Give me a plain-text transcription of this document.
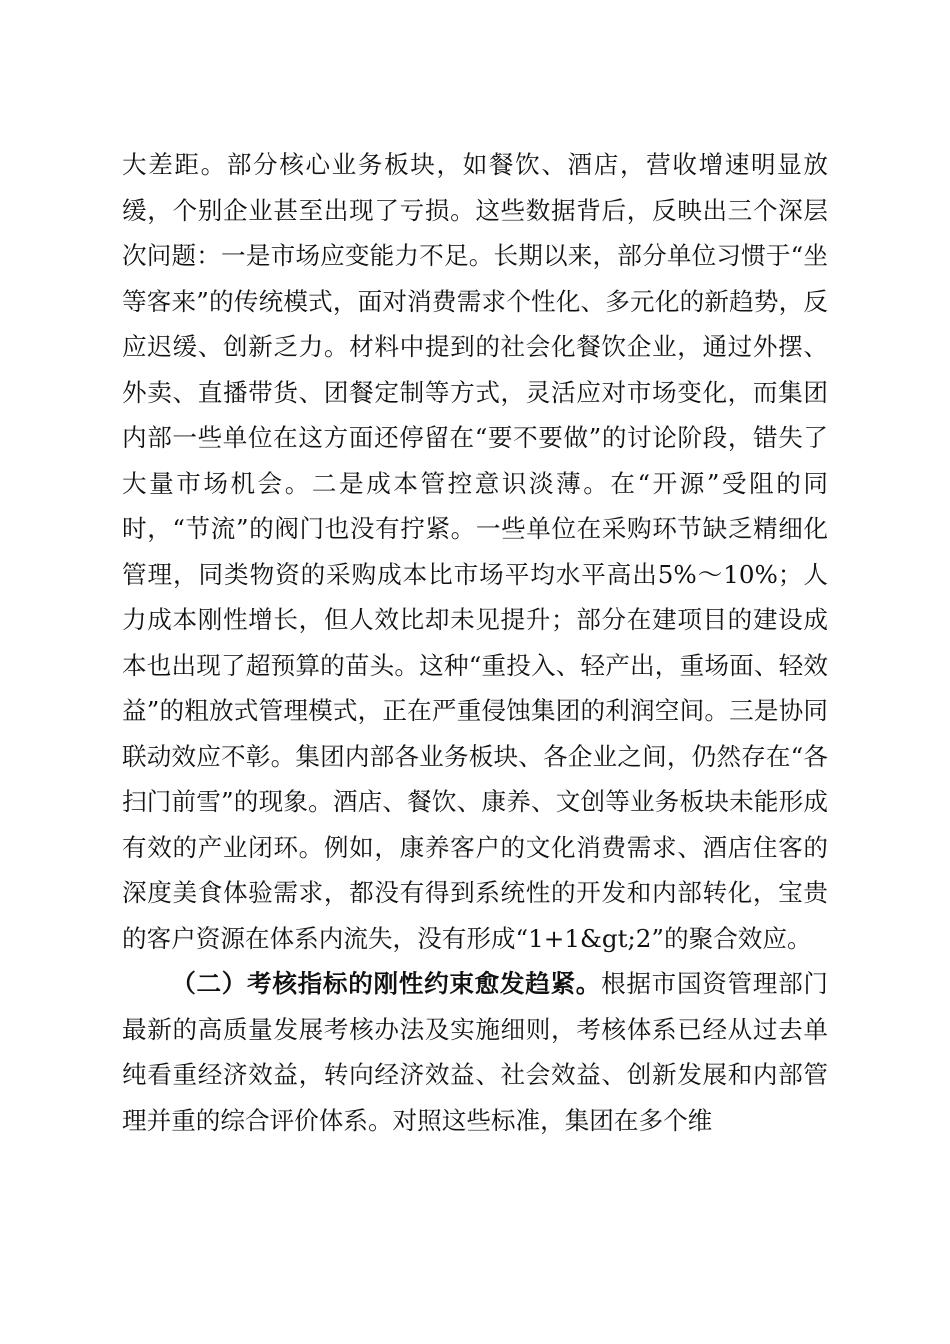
大差距。部分核心业务板块，如餐饮、酒店，营收增速明显放缓，个别企业甚至出现了亏损。这些数据背后，反映出三个深层次问题：一是市场应变能力不足。长期以来，部分单位习惯于“坐等客来”的传统模式，面对消费需求个性化、多元化的新趋势，反应迟缓、创新乏力。材料中提到的社会化餐饮企业，通过外摆、外卖、直播带货、团餐定制等方式，灵活应对市场变化，而集团内部一些单位在这方面还停留在“要不要做”的讨论阶段，错失了大量市场机会。二是成本管控意识淡薄。在“开源”受阻的同时，“节流”的阀门也没有拧紧。一些单位在采购环节缺乏精细化管理，同类物资的采购成本比市场平均水平高出5%～10%；人力成本刚性增长，但人效比却未见提升；部分在建项目的建设成本也出现了超预算的苗头。这种“重投入、轻产出，重场面、轻效益”的粗放式管理模式，正在严重侵蚀集团的利润空间。三是协同联动效应不彰。集团内部各业务板块、各企业之间，仍然存在“各扫门前雪”的现象。酒店、餐饮、康养、文创等业务板块未能形成有效的产业闭环。例如，康养客户的文化消费需求、酒店住客的深度美食体验需求，都没有得到系统性的开发和内部转化，宝贵的客户资源在体系内流失，没有形成“1+1&gt;2”的聚合效应。

（二）考核指标的刚性约束愈发趋紧。根据市国资管理部门最新的高质量发展考核办法及实施细则，考核体系已经从过去单纯看重经济效益，转向经济效益、社会效益、创新发展和内部管理并重的综合评价体系。对照这些标准，集团在多个维
